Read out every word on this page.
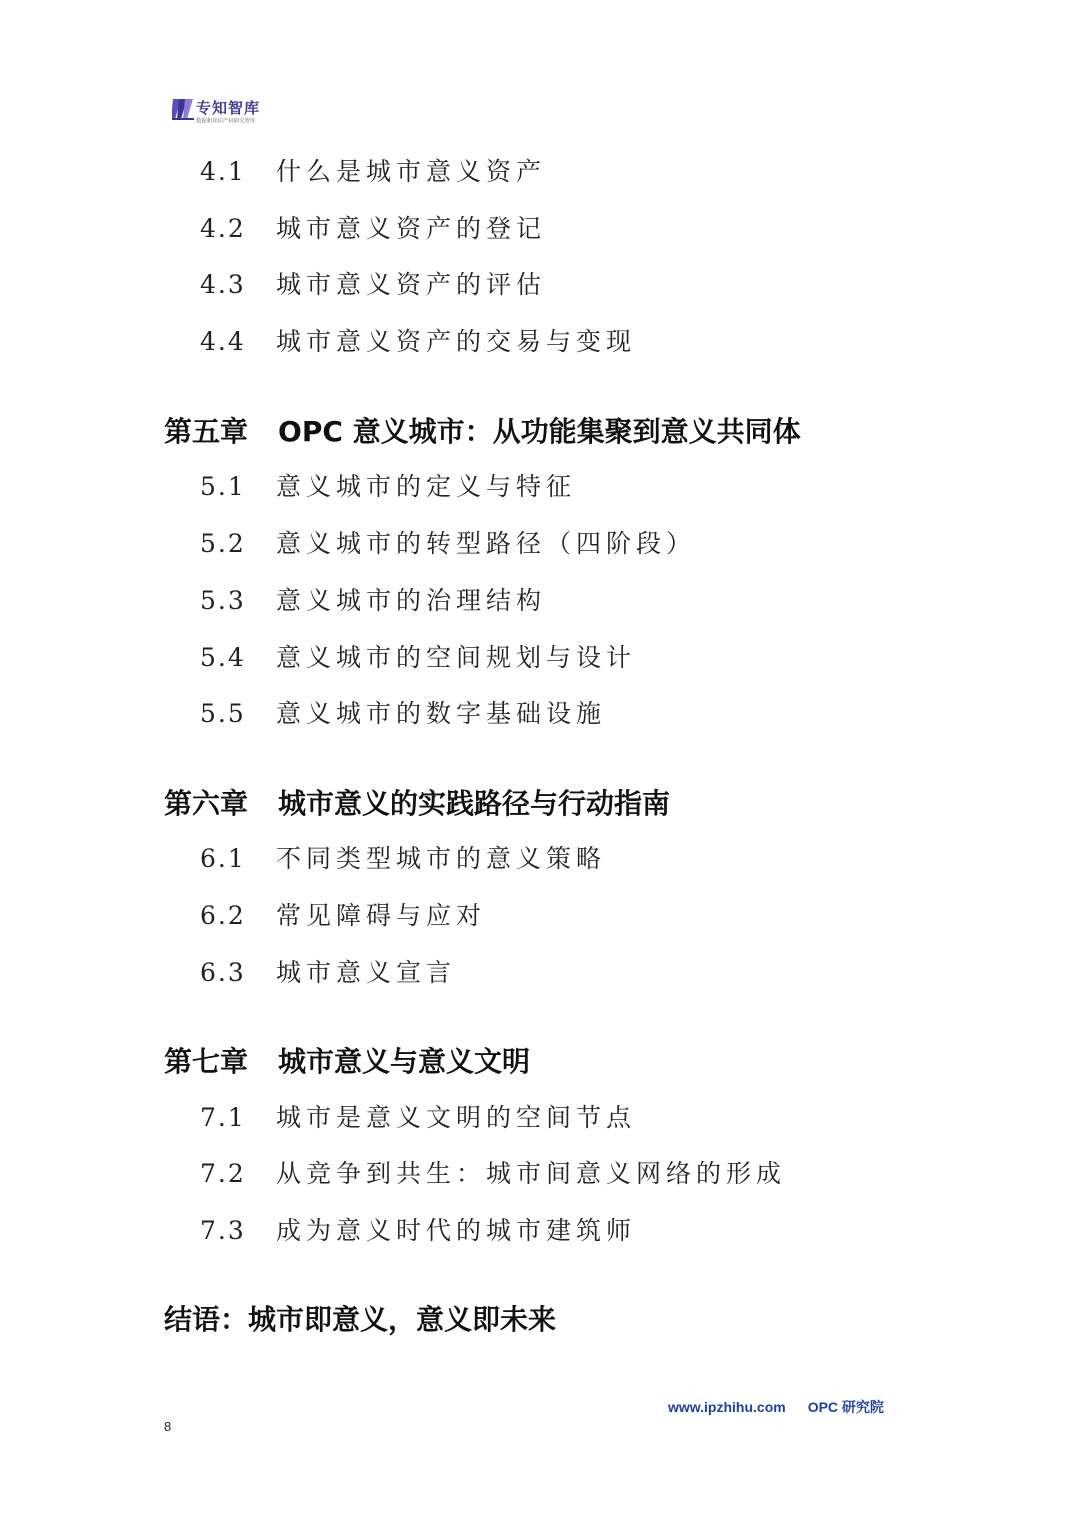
专知智库
数据和知识产权研究智库
4.1 什么是城市意义资产
4.2 城市意义资产的登记
4.3 城市意义资产的评估
4.4 城市意义资产的交易与变现
第五章 OPC 意义城市：从功能集聚到意义共同体
5.1 意义城市的定义与特征
5.2 意义城市的转型路径（四阶段）
5.3 意义城市的治理结构
5.4 意义城市的空间规划与设计
5.5 意义城市的数字基础设施
第六章 城市意义的实践路径与行动指南
6.1 不同类型城市的意义策略
6.2 常见障碍与应对
6.3 城市意义宣言
第七章 城市意义与意义文明
7.1 城市是意义文明的空间节点
7.2 从竞争到共生：城市间意义网络的形成
7.3 成为意义时代的城市建筑师
结语：城市即意义，意义即未来
www.ipzhihu.com OPC 研究院
8
